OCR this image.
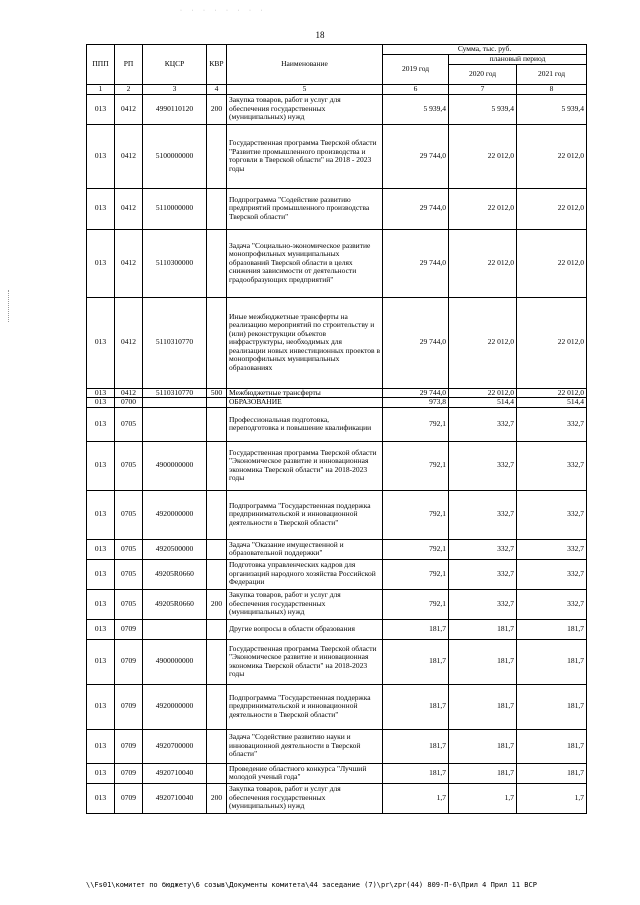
· · · · · · · ·
18
ППП	РП	КЦСР	КВР	Наименование	Сумма, тыс. руб.		
					2019 год	плановый период	
						2020 год	2021 год
1	2	3	4	5	6	7	8
013	0412	4990110120	200	Закупка товаров, работ и услуг для обеспечения государственных (муниципальных) нужд	5 939,4	5 939,4	5 939,4
013	0412	5100000000		Государственная программа Тверской области "Развитие промышленного производства и торговли в Тверской области" на 2018 - 2023 годы	29 744,0	22 012,0	22 012,0
013	0412	5110000000		Подпрограмма "Содействие развитию предприятий промышленного производства Тверской области"	29 744,0	22 012,0	22 012,0
013	0412	5110300000		Задача "Социально-экономическое развитие монопрофильных муниципальных образований Тверской области в целях снижения зависимости от деятельности градообразующих предприятий"	29 744,0	22 012,0	22 012,0
013	0412	5110310770		Иные межбюджетные трансферты на реализацию мероприятий по строительству и (или) реконструкции объектов инфраструктуры, необходимых для реализации новых инвестиционных проектов в монопрофильных муниципальных образованиях	29 744,0	22 012,0	22 012,0
013	0412	5110310770	500	Межбюджетные трансферты	29 744,0	22 012,0	22 012,0
013	0700			ОБРАЗОВАНИЕ	973,8	514,4	514,4
013	0705			Профессиональная подготовка, переподготовка и повышение квалификации	792,1	332,7	332,7
013	0705	4900000000		Государственная программа Тверской области "Экономическое развитие и инновационная экономика Тверской области" на 2018-2023 годы	792,1	332,7	332,7
013	0705	4920000000		Подпрограмма "Государственная поддержка предпринимательской и инновационной деятельности в Тверской области"	792,1	332,7	332,7
013	0705	4920500000		Задача "Оказание имущественной и образовательной поддержки"	792,1	332,7	332,7
013	0705	49205R0660		Подготовка управленческих кадров для организаций народного хозяйства Российской Федерации	792,1	332,7	332,7
013	0705	49205R0660	200	Закупка товаров, работ и услуг для обеспечения государственных (муниципальных) нужд	792,1	332,7	332,7
013	0709			Другие вопросы в области образования	181,7	181,7	181,7
013	0709	4900000000		Государственная программа Тверской области "Экономическое развитие и инновационная экономика Тверской области" на 2018-2023 годы	181,7	181,7	181,7
013	0709	4920000000		Подпрограмма "Государственная поддержка предпринимательской и инновационной деятельности в Тверской области"	181,7	181,7	181,7
013	0709	4920700000		Задача "Содействие развитию науки и инновационной деятельности в Тверской области"	181,7	181,7	181,7
013	0709	4920710040		Проведение областного конкурса "Лучший молодой ученый года"	181,7	181,7	181,7
013	0709	4920710040	200	Закупка товаров, работ и услуг для обеспечения государственных (муниципальных) нужд	1,7	1,7	1,7
\\Fs01\комитет по бюджету\6 созыв\Документы комитета\44 заседание (7)\pr\zpr(44) 809-П-6\Прил 4 Прил 11 ВСР
